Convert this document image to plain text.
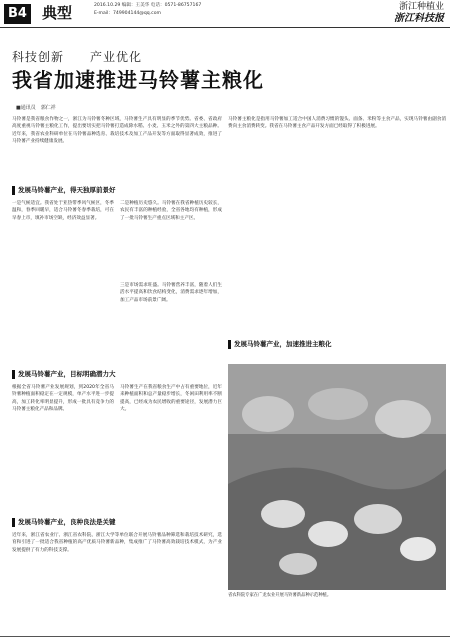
B4 典型	2016.10.29 编辑：王美华 电话：0571-86757167
E-mail：749904144@qq.com
浙江种植业
浙江科技报
科技创新　　产业优化
我省加速推进马铃薯主粮化
■通讯员　郭仁祥
马铃薯是我省粮食作物之一，浙江为马铃薯冬种区域，马铃薯生产具有明显的季节优势。省委、省政府高度重视马铃薯主粮化工作，提出要切实把马铃薯打造成除水稻、小麦、玉米之外的第四大主粮品种。近年来，我省农业科研单位在马铃薯品种选育、栽培技术及加工产品开发等方面取得显著成效，推进了马铃薯产业持续健康发展。
发展马铃薯产业，得天独厚前景好
一是气候适宜。我省处于亚热带季风气候区，冬季温和，春季回暖早，适合马铃薯冬春季栽培，可在早春上市，填补市场空缺，经济效益显著。
二是种植历史悠久。马铃薯在我省种植历史较长，农民有丰富的种植经验，全省各地均有种植，形成了一批马铃薯生产重点区域和主产区。
三是市场需求旺盛。马铃薯营养丰富，随着人们生活水平提高和饮食结构变化，消费需求逐年增加，加工产品市场前景广阔。
发展马铃薯产业，目标明确潜力大
根据全省马铃薯产业发展规划，到2020年全省马铃薯种植面积稳定在一定规模，单产水平进一步提高，加工转化率明显提升，形成一批具有竞争力的马铃薯主粮化产品和品牌。
马铃薯生产在我省粮食生产中占有重要地位，近年来种植面积和总产量稳步增长，冬闲田利用率不断提高，已经成为农民增收的重要途径，发展潜力巨大。
发展马铃薯产业，良种良法是关键
近年来，浙江省农业厅、浙江省农科院、浙江大学等单位联合开展马铃薯品种筛选和栽培技术研究，选育和引进了一批适合我省种植的高产优质马铃薯新品种，集成推广了马铃薯高效栽培技术模式，为产业发展提供了有力的科技支撑。
马铃薯主粮化是指用马铃薯加工适合中国人消费习惯的馒头、面条、米粉等主食产品，实现马铃薯由副食消费向主食消费转变。我省在马铃薯主食产品开发方面已经取得了积极进展。
发展马铃薯产业，加速推进主粮化
省农科院专家在广龙农业开展马铃薯新品种示范种植。
